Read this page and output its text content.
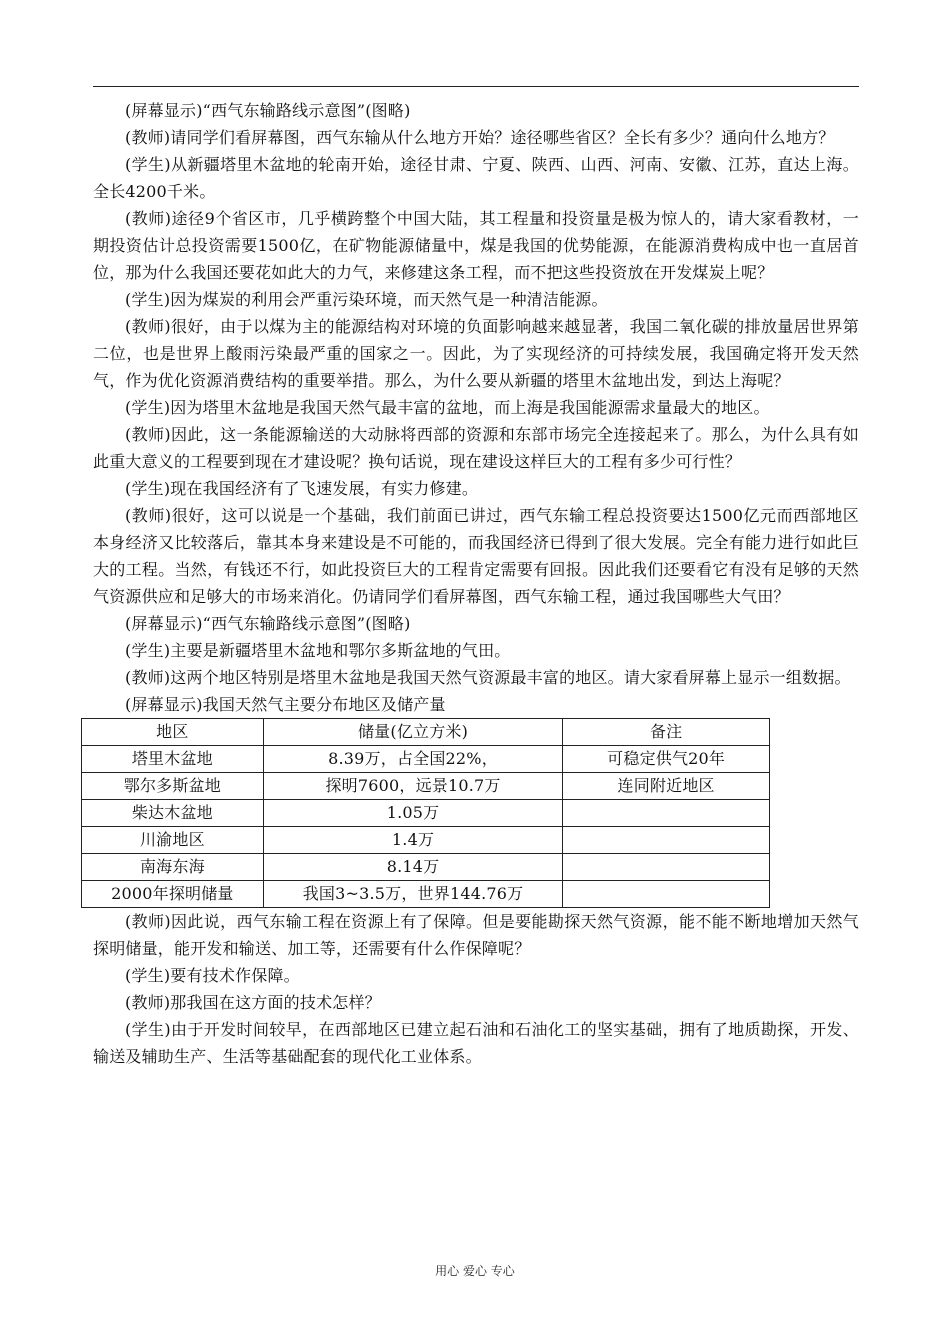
(屏幕显示)“西气东输路线示意图”(图略)

(教师)请同学们看屏幕图，西气东输从什么地方开始？途径哪些省区？全长有多少？通向什么地方？

(学生)从新疆塔里木盆地的轮南开始，途径甘肃、宁夏、陕西、山西、河南、安徽、江苏，直达上海。全长4200千米。

(教师)途径9个省区市，几乎横跨整个中国大陆，其工程量和投资量是极为惊人的，请大家看教材，一期投资估计总投资需要1500亿，在矿物能源储量中，煤是我国的优势能源，在能源消费构成中也一直居首位，那为什么我国还要花如此大的力气，来修建这条工程，而不把这些投资放在开发煤炭上呢？

(学生)因为煤炭的利用会严重污染环境，而天然气是一种清洁能源。

(教师)很好，由于以煤为主的能源结构对环境的负面影响越来越显著，我国二氧化碳的排放量居世界第二位，也是世界上酸雨污染最严重的国家之一。因此，为了实现经济的可持续发展，我国确定将开发天然气，作为优化资源消费结构的重要举措。那么，为什么要从新疆的塔里木盆地出发，到达上海呢？

(学生)因为塔里木盆地是我国天然气最丰富的盆地，而上海是我国能源需求量最大的地区。

(教师)因此，这一条能源输送的大动脉将西部的资源和东部市场完全连接起来了。那么，为什么具有如此重大意义的工程要到现在才建设呢？换句话说，现在建设这样巨大的工程有多少可行性？

(学生)现在我国经济有了飞速发展，有实力修建。

(教师)很好，这可以说是一个基础，我们前面已讲过，西气东输工程总投资要达1500亿元而西部地区本身经济又比较落后，靠其本身来建设是不可能的，而我国经济已得到了很大发展。完全有能力进行如此巨大的工程。当然，有钱还不行，如此投资巨大的工程肯定需要有回报。因此我们还要看它有没有足够的天然气资源供应和足够大的市场来消化。仍请同学们看屏幕图，西气东输工程，通过我国哪些大气田？

(屏幕显示)“西气东输路线示意图”(图略)

(学生)主要是新疆塔里木盆地和鄂尔多斯盆地的气田。

(教师)这两个地区特别是塔里木盆地是我国天然气资源最丰富的地区。请大家看屏幕上显示一组数据。

(屏幕显示)我国天然气主要分布地区及储产量

地区	储量(亿立方米)	备注
塔里木盆地	8.39万，占全国22%，	可稳定供气20年
鄂尔多斯盆地	探明7600，远景10.7万	连同附近地区
柴达木盆地	1.05万	
川渝地区	1.4万	
南海东海	8.14万	
2000年探明储量	我国3~3.5万，世界144.76万	

(教师)因此说，西气东输工程在资源上有了保障。但是要能勘探天然气资源，能不能不断地增加天然气探明储量，能开发和输送、加工等，还需要有什么作保障呢？

(学生)要有技术作保障。

(教师)那我国在这方面的技术怎样？

(学生)由于开发时间较早，在西部地区已建立起石油和石油化工的坚实基础，拥有了地质勘探，开发、输送及辅助生产、生活等基础配套的现代化工业体系。

用心 爱心 专心
